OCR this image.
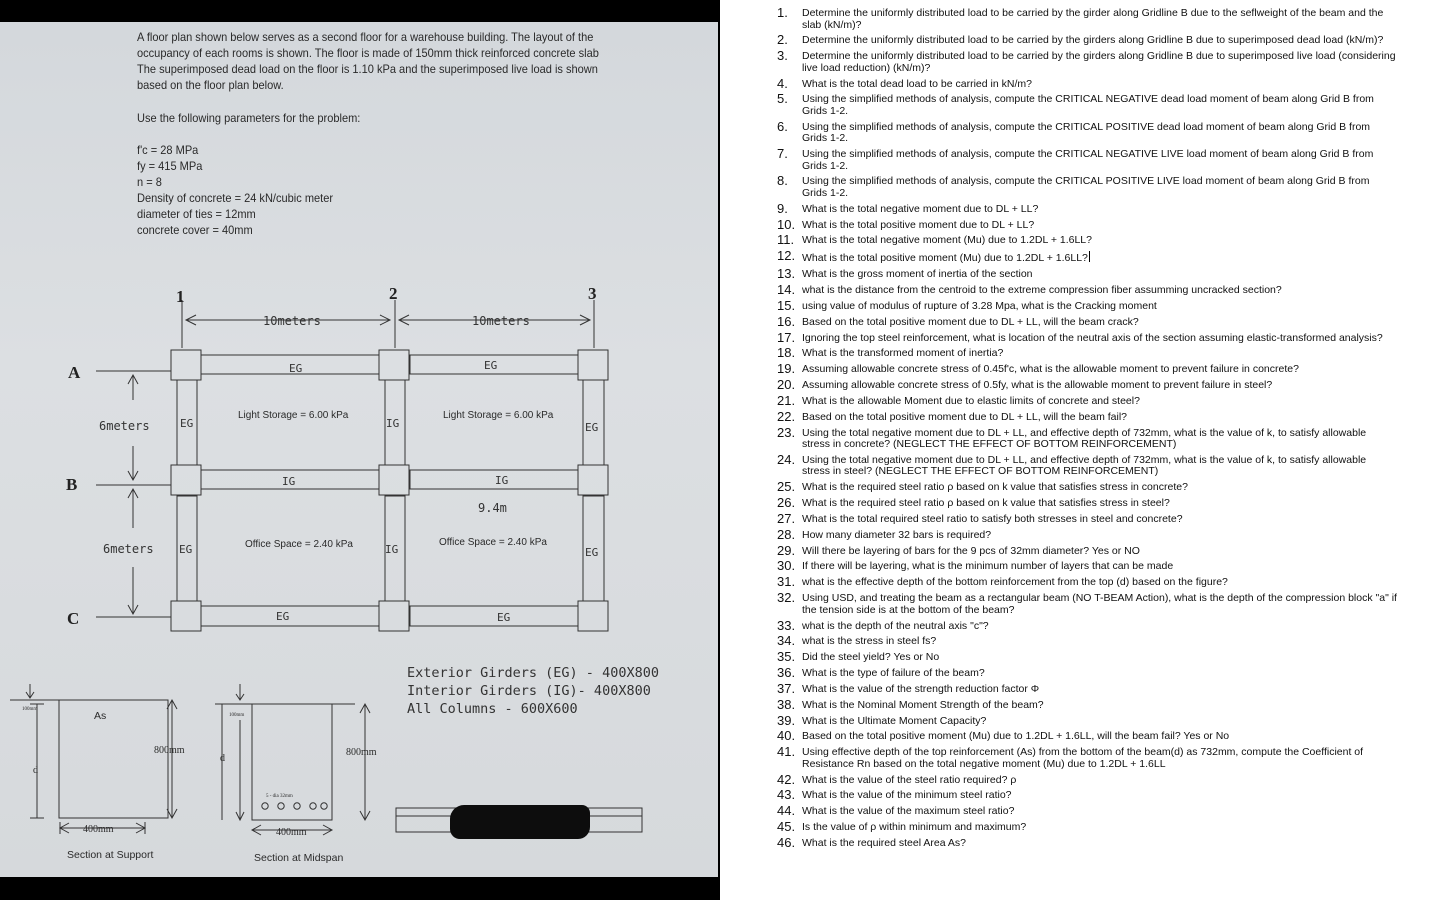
A floor plan shown below serves as a second floor for a warehouse building. The layout of the
occupancy of each rooms is shown. The floor is made of 150mm thick reinforced concrete slab
The superimposed dead load on the floor is 1.10 kPa and the superimposed live load is shown
based on the floor plan below.
Use the following parameters for the problem:
f'c = 28 MPa
fy = 415 MPa
n = 8
Density of concrete = 24 kN/cubic meter
diameter of ties = 12mm
concrete cover = 40mm
1	2	3
A
B
C
10meters	10meters
6meters
6meters
EG	EG
EG	IG	EG
IG	IG
EG	IG	EG
EG	EG
9.4m
Exterior Girders (EG) - 400X800
Interior Girders (IG)- 400X800
All Columns - 600X600
Light Storage = 6.00 kPa	Light Storage = 6.00 kPa
Office Space = 2.40 kPa	Office Space = 2.40 kPa
Section at Support	Section at Midspan
As
800mm
400mm
d
100mm
800mm
400mm
d
5 - dia 32mm
100mm
1. Determine the uniformly distributed load to be carried by the girder along Gridline B due to the seflweight of the beam and the slab (kN/m)?
2. Determine the uniformly distributed load to be carried by the girders along Gridline B due to superimposed dead load (kN/m)?
3. Determine the uniformly distributed load to be carried by the girders along Gridline B due to superimposed live load (considering live load reduction) (kN/m)?
4. What is the total dead load to be carried in kN/m?
5. Using the simplified methods of analysis, compute the CRITICAL NEGATIVE dead load moment of beam along Grid B from Grids 1-2.
6. Using the simplified methods of analysis, compute the CRITICAL POSITIVE dead load moment of beam along Grid B from Grids 1-2.
7. Using the simplified methods of analysis, compute the CRITICAL NEGATIVE LIVE load moment of beam along Grid B from Grids 1-2.
8. Using the simplified methods of analysis, compute the CRITICAL POSITIVE LIVE load moment of beam along Grid B from Grids 1-2.
9. What is the total negative moment due to DL + LL?
10. What is the total positive moment due to DL + LL?
11. What is the total negative moment (Mu) due to 1.2DL + 1.6LL?
12. What is the total positive moment (Mu) due to 1.2DL + 1.6LL?
13. What is the gross moment of inertia of the section
14. what is the distance from the centroid to the extreme compression fiber assumming uncracked section?
15. using value of modulus of rupture of 3.28 Mpa, what is the Cracking moment
16. Based on the total positive moment due to DL + LL, will the beam crack?
17. Ignoring the top steel reinforcement, what is location of the neutral axis of the section assuming elastic-transformed analysis?
18. What is the transformed moment of inertia?
19. Assuming allowable concrete stress of 0.45f'c, what is the allowable moment to prevent failure in concrete?
20. Assuming allowable concrete stress of 0.5fy, what is the allowable moment to prevent failure in steel?
21. What is the allowable Moment due to elastic limits of concrete and steel?
22. Based on the total positive moment due to DL + LL, will the beam fail?
23. Using the total negative moment due to DL + LL, and effective depth of 732mm, what is the value of k, to satisfy allowable stress in concrete? (NEGLECT THE EFFECT OF BOTTOM REINFORCEMENT)
24. Using the total negative moment due to DL + LL, and effective depth of 732mm, what is the value of k, to satisfy allowable stress in steel? (NEGLECT THE EFFECT OF BOTTOM REINFORCEMENT)
25. What is the required steel ratio ρ based on k value that satisfies stress in concrete?
26. What is the required steel ratio ρ based on k value that satisfies stress in steel?
27. What is the total required steel ratio to satisfy both stresses in steel and concrete?
28. How many diameter 32 bars is required?
29. Will there be layering of bars for the 9 pcs of 32mm diameter? Yes or NO
30. If there will be layering, what is the minimum number of layers that can be made
31. what is the effective depth of the bottom reinforcement from the top (d) based on the figure?
32. Using USD, and treating the beam as a rectangular beam (NO T-BEAM Action), what is the depth of the compression block "a" if the tension side is at the bottom of the beam?
33. what is the depth of the neutral axis "c"?
34. what is the stress in steel fs?
35. Did the steel yield? Yes or No
36. What is the type of failure of the beam?
37. What is the value of the strength reduction factor Φ
38. What is the Nominal Moment Strength of the beam?
39. What is the Ultimate Moment Capacity?
40. Based on the total positive moment (Mu) due to 1.2DL + 1.6LL, will the beam fail? Yes or No
41. Using effective depth of the top reinforcement (As) from the bottom of the beam(d) as 732mm, compute the Coefficient of Resistance Rn based on the total negative moment (Mu) due to 1.2DL + 1.6LL
42. What is the value of the steel ratio required? ρ
43. What is the value of the minimum steel ratio?
44. What is the value of the maximum steel ratio?
45. Is the value of ρ within minimum and maximum?
46. What is the required steel Area As?
